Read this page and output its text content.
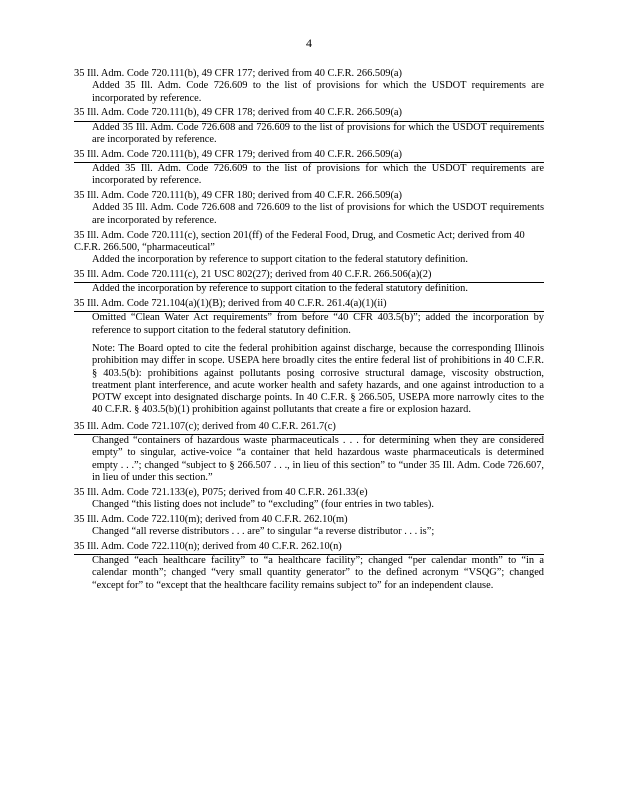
4
35 Ill. Adm. Code 720.111(b), 49 CFR 177; derived from 40 C.F.R. 266.509(a)
Added 35 Ill. Adm. Code 726.609 to the list of provisions for which the USDOT requirements are incorporated by reference.
35 Ill. Adm. Code 720.111(b), 49 CFR 178; derived from 40 C.F.R. 266.509(a)
Added 35 Ill. Adm. Code 726.608 and 726.609 to the list of provisions for which the USDOT requirements are incorporated by reference.
35 Ill. Adm. Code 720.111(b), 49 CFR 179; derived from 40 C.F.R. 266.509(a)
Added 35 Ill. Adm. Code 726.609 to the list of provisions for which the USDOT requirements are incorporated by reference.
35 Ill. Adm. Code 720.111(b), 49 CFR 180; derived from 40 C.F.R. 266.509(a)
Added 35 Ill. Adm. Code 726.608 and 726.609 to the list of provisions for which the USDOT requirements are incorporated by reference.
35 Ill. Adm. Code 720.111(c), section 201(ff) of the Federal Food, Drug, and Cosmetic Act; derived from 40 C.F.R. 266.500, “pharmaceutical”
Added the incorporation by reference to support citation to the federal statutory definition.
35 Ill. Adm. Code 720.111(c), 21 USC 802(27); derived from 40 C.F.R. 266.506(a)(2)
Added the incorporation by reference to support citation to the federal statutory definition.
35 Ill. Adm. Code 721.104(a)(1)(B); derived from 40 C.F.R. 261.4(a)(1)(ii)
Omitted “Clean Water Act requirements” from before “40 CFR 403.5(b)”; added the incorporation by reference to support citation to the federal statutory definition.
Note: The Board opted to cite the federal prohibition against discharge, because the corresponding Illinois prohibition may differ in scope. USEPA here broadly cites the entire federal list of prohibitions in 40 C.F.R. § 403.5(b): prohibitions against pollutants posing corrosive structural damage, viscosity obstruction, treatment plant interference, and acute worker health and safety hazards, and one against introduction to a POTW except into designated discharge points. In 40 C.F.R. § 266.505, USEPA more narrowly cites to the 40 C.F.R. § 403.5(b)(1) prohibition against pollutants that create a fire or explosion hazard.
35 Ill. Adm. Code 721.107(c); derived from 40 C.F.R. 261.7(c)
Changed “containers of hazardous waste pharmaceuticals . . . for determining when they are considered empty” to singular, active-voice “a container that held hazardous waste pharmaceuticals is determined empty . . .”; changed “subject to § 266.507 . . ., in lieu of this section” to “under 35 Ill. Adm. Code 726.607, in lieu of under this section.”
35 Ill. Adm. Code 721.133(e), P075; derived from 40 C.F.R. 261.33(e)
Changed “this listing does not include” to “excluding” (four entries in two tables).
35 Ill. Adm. Code 722.110(m); derived from 40 C.F.R. 262.10(m)
Changed “all reverse distributors . . . are” to singular “a reverse distributor . . . is”;
35 Ill. Adm. Code 722.110(n); derived from 40 C.F.R. 262.10(n)
Changed “each healthcare facility” to “a healthcare facility”; changed “per calendar month” to “in a calendar month”; changed “very small quantity generator” to the defined acronym “VSQG”; changed “except for” to “except that the healthcare facility remains subject to” for an independent clause.
